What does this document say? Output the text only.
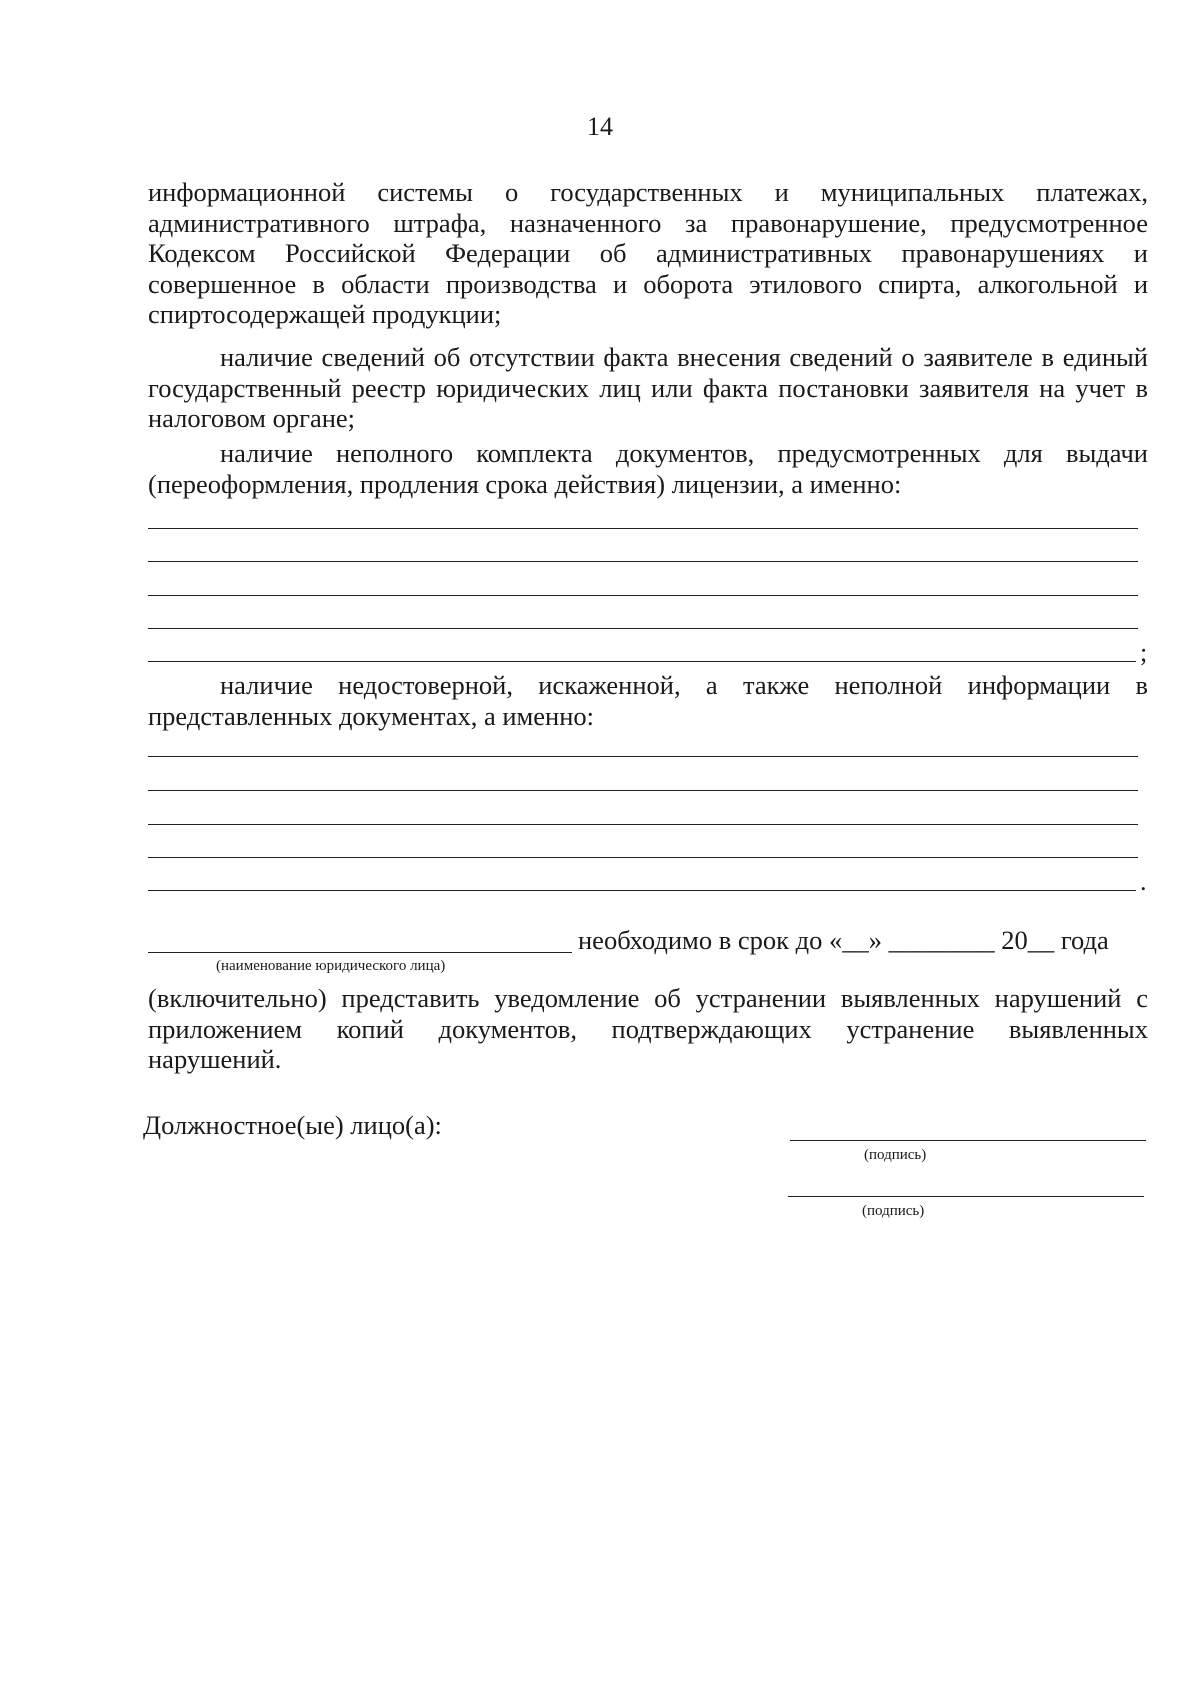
14

информационной системы о государственных и муниципальных платежах, административного штрафа, назначенного за правонарушение, предусмотренное Кодексом Российской Федерации об административных правонарушениях и совершенное в области производства и оборота этилового спирта, алкогольной и спиртосодержащей продукции;

наличие сведений об отсутствии факта внесения сведений о заявителе в единый государственный реестр юридических лиц или факта постановки заявителя на учет в налоговом органе;

наличие неполного комплекта документов, предусмотренных для выдачи (переоформления, продления срока действия) лицензии, а именно:

;

наличие недостоверной, искаженной, а также неполной информации в представленных документах, а именно:

.
необходимо в срок до «__» ________ 20__ года
(наименование юридического лица)

(включительно) представить уведомление об устранении выявленных нарушений с приложением копий документов, подтверждающих устранение выявленных нарушений.

Должностное(ые) лицо(а):
(подпись)
(подпись)
